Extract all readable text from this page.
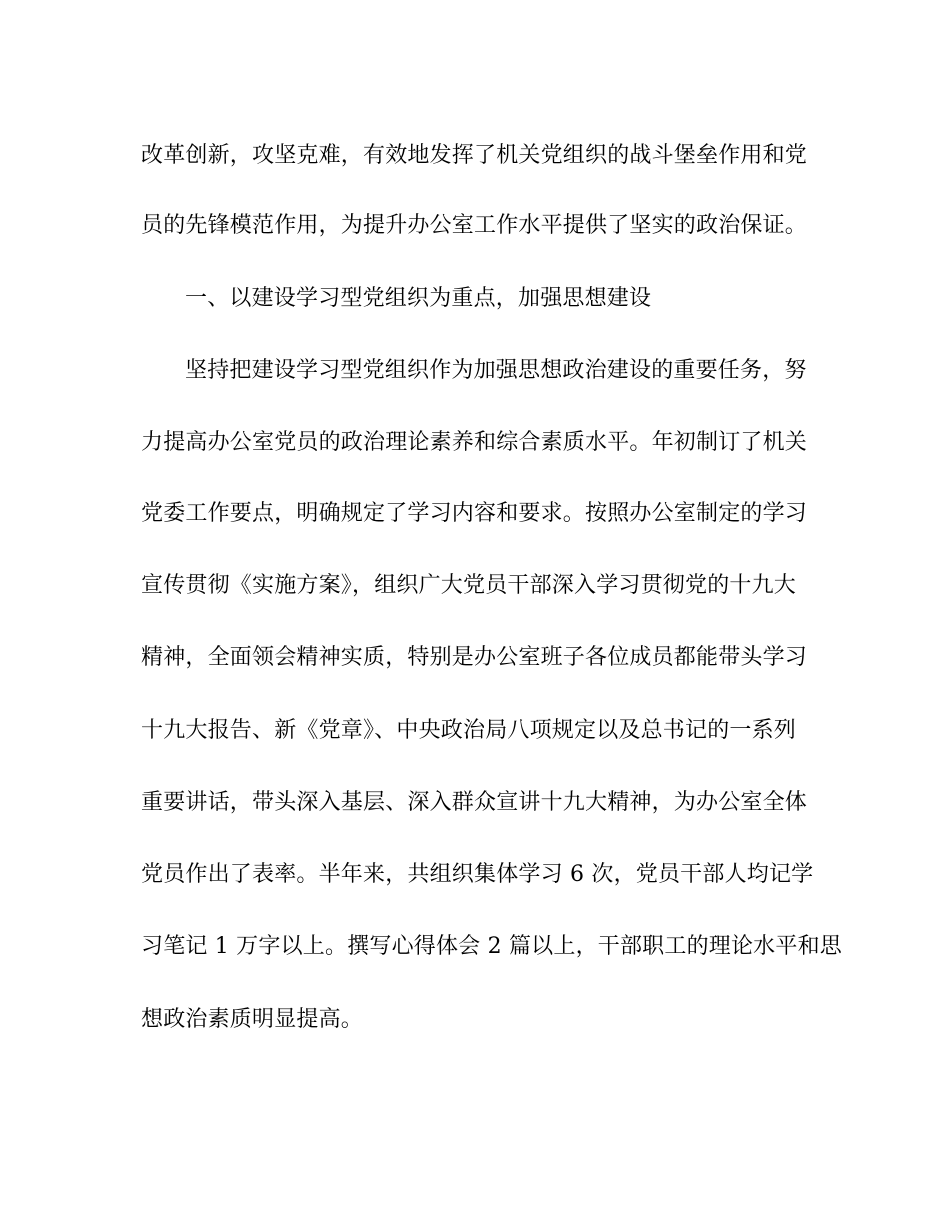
改革创新，攻坚克难，有效地发挥了机关党组织的战斗堡垒作用和党
员的先锋模范作用，为提升办公室工作水平提供了坚实的政治保证。
一、以建设学习型党组织为重点，加强思想建设
坚持把建设学习型党组织作为加强思想政治建设的重要任务，努
力提高办公室党员的政治理论素养和综合素质水平。年初制订了机关
党委工作要点，明确规定了学习内容和要求。按照办公室制定的学习
宣传贯彻《实施方案》，组织广大党员干部深入学习贯彻党的十九大
精神，全面领会精神实质，特别是办公室班子各位成员都能带头学习
十九大报告、新《党章》、中央政治局八项规定以及总书记的一系列
重要讲话，带头深入基层、深入群众宣讲十九大精神，为办公室全体
党员作出了表率。半年来，共组织集体学习 6 次，党员干部人均记学
习笔记 1 万字以上。撰写心得体会 2 篇以上，干部职工的理论水平和思
想政治素质明显提高。
